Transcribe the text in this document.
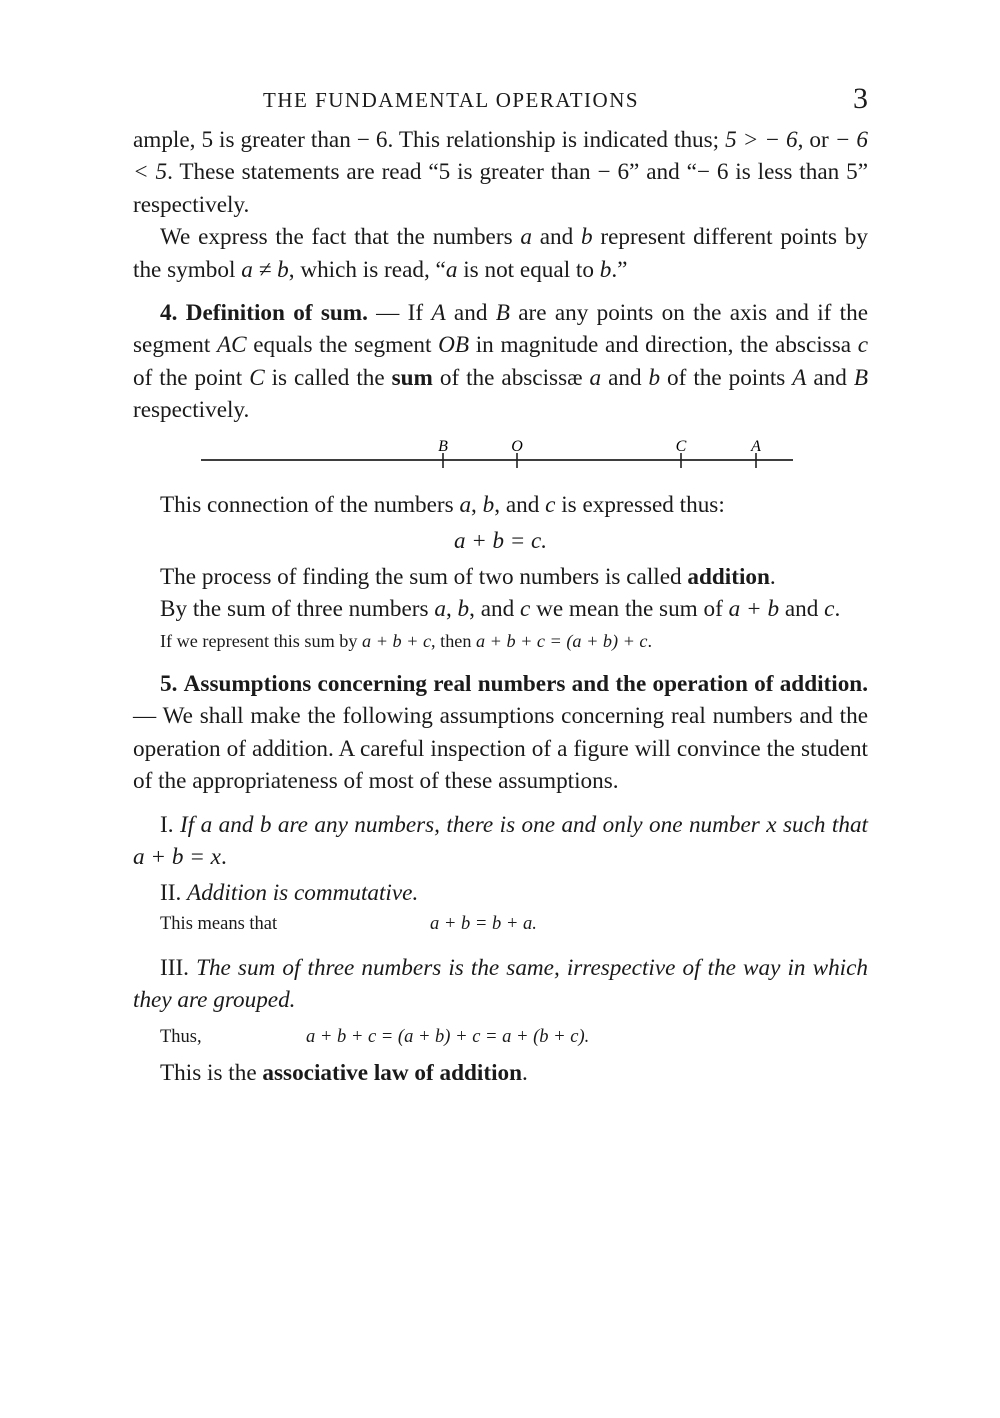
THE FUNDAMENTAL OPERATIONS	3

ample, 5 is greater than − 6. This relationship is indicated thus; 5 > − 6, or − 6 < 5. These statements are read “5 is greater than − 6” and “− 6 is less than 5” respectively.

We express the fact that the numbers a and b represent different points by the symbol a ≠ b, which is read, “a is not equal to b.”

4. Definition of sum. — If A and B are any points on the axis and if the segment AC equals the segment OB in magnitude and direction, the abscissa c of the point C is called the sum of the abscissæ a and b of the points A and B respectively.

B	O	C	A

This connection of the numbers a, b, and c is expressed thus:

a + b = c.

The process of finding the sum of two numbers is called addition.

By the sum of three numbers a, b, and c we mean the sum of a + b and c.

If we represent this sum by a + b + c, then a + b + c = (a + b) + c.

5. Assumptions concerning real numbers and the operation of addition. — We shall make the following assumptions concerning real numbers and the operation of addition. A careful inspection of a figure will convince the student of the appropriateness of most of these assumptions.

I. If a and b are any numbers, there is one and only one number x such that a + b = x.

II. Addition is commutative.

This means that	a + b = b + a.

III. The sum of three numbers is the same, irrespective of the way in which they are grouped.

Thus,	a + b + c = (a + b) + c = a + (b + c).

This is the associative law of addition.
